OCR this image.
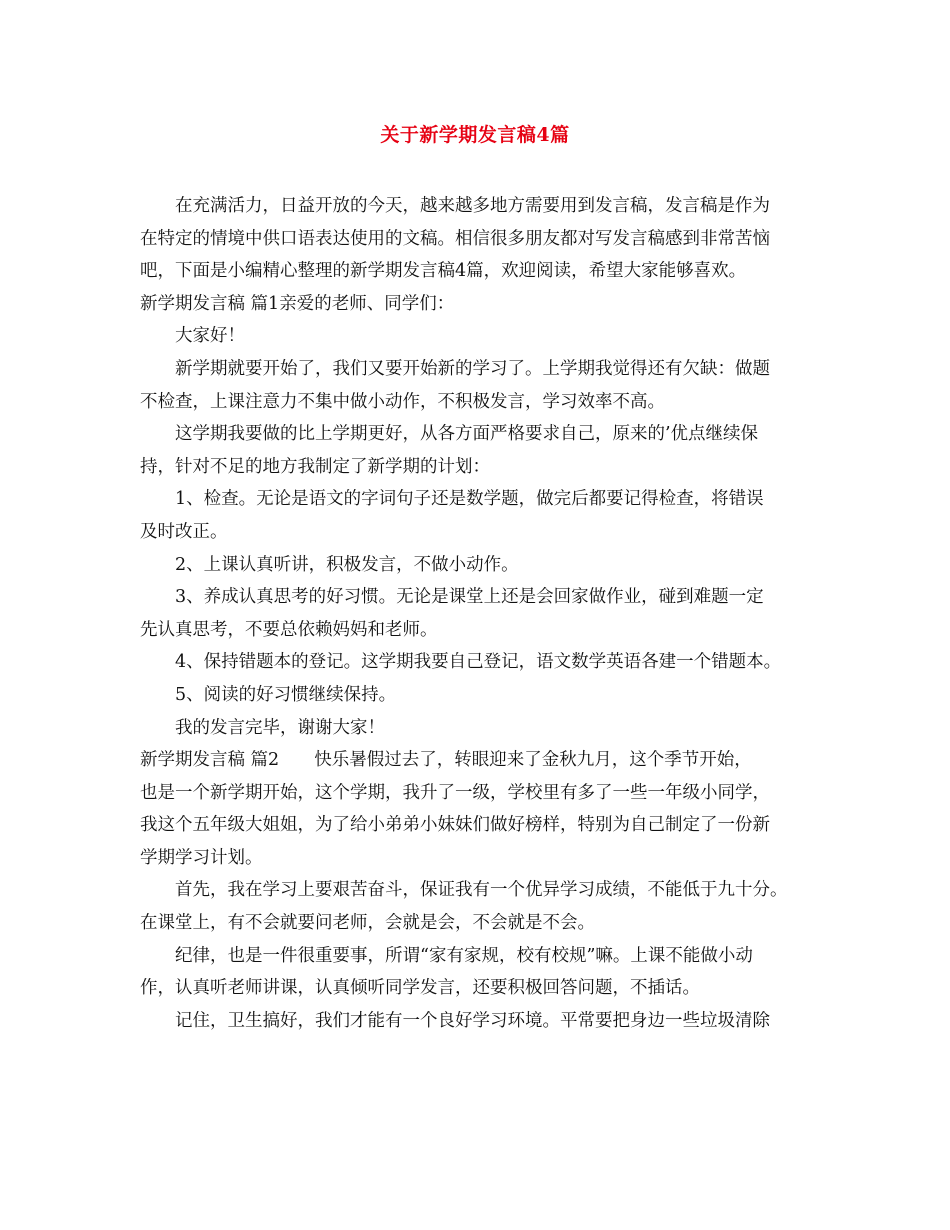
关于新学期发言稿4篇
在充满活力，日益开放的今天，越来越多地方需要用到发言稿，发言稿是作为
在特定的情境中供口语表达使用的文稿。相信很多朋友都对写发言稿感到非常苦恼
吧，下面是小编精心整理的新学期发言稿4篇，欢迎阅读，希望大家能够喜欢。
新学期发言稿 篇1亲爱的老师、同学们：
大家好！
新学期就要开始了，我们又要开始新的学习了。上学期我觉得还有欠缺：做题
不检查，上课注意力不集中做小动作，不积极发言，学习效率不高。
这学期我要做的比上学期更好，从各方面严格要求自己，原来的’优点继续保
持，针对不足的地方我制定了新学期的计划：
1、检查。无论是语文的字词句子还是数学题，做完后都要记得检查，将错误
及时改正。
2、上课认真听讲，积极发言，不做小动作。
3、养成认真思考的好习惯。无论是课堂上还是会回家做作业，碰到难题一定
先认真思考，不要总依赖妈妈和老师。
4、保持错题本的登记。这学期我要自己登记，语文数学英语各建一个错题本。
5、阅读的好习惯继续保持。
我的发言完毕，谢谢大家！
新学期发言稿 篇2　　快乐暑假过去了，转眼迎来了金秋九月，这个季节开始，
也是一个新学期开始，这个学期，我升了一级，学校里有多了一些一年级小同学，
我这个五年级大姐姐，为了给小弟弟小妹妹们做好榜样，特别为自己制定了一份新
学期学习计划。
首先，我在学习上要艰苦奋斗，保证我有一个优异学习成绩，不能低于九十分。
在课堂上，有不会就要问老师，会就是会，不会就是不会。
纪律，也是一件很重要事，所谓“家有家规，校有校规”嘛。上课不能做小动
作，认真听老师讲课，认真倾听同学发言，还要积极回答问题，不插话。
记住，卫生搞好，我们才能有一个良好学习环境。平常要把身边一些垃圾清除
